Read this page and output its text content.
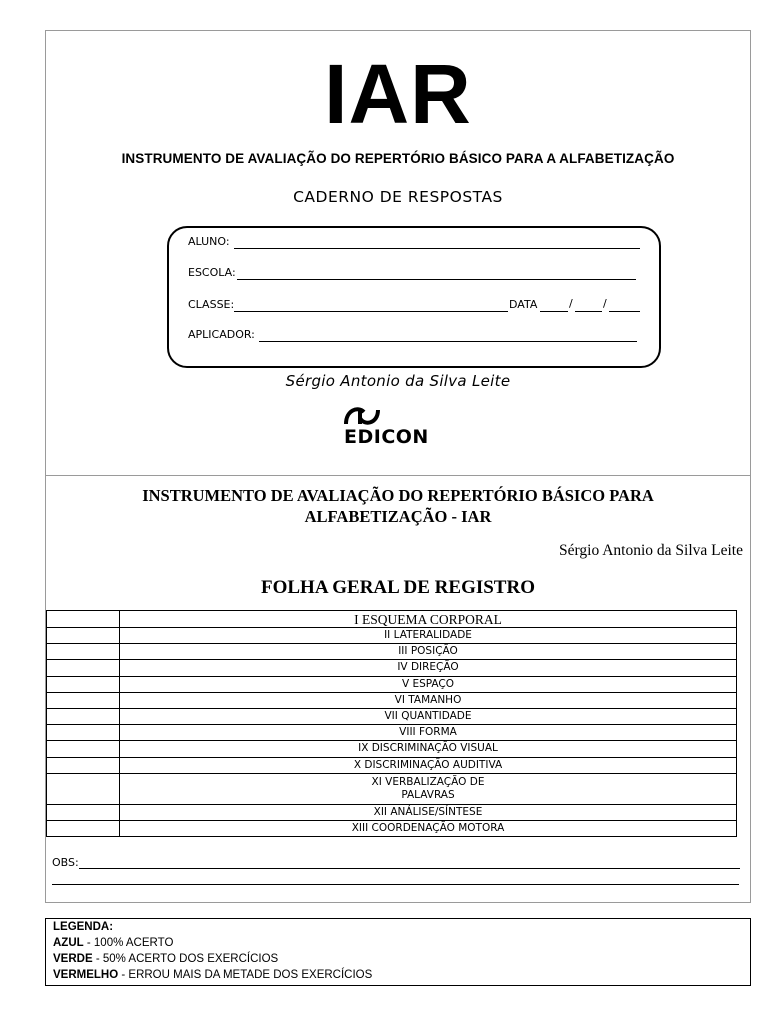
IAR
INSTRUMENTO DE AVALIAÇÃO DO REPERTÓRIO BÁSICO PARA A ALFABETIZAÇÃO
CADERNO DE RESPOSTAS
ALUNO:
ESCOLA:
CLASSE:	DATA	/	/
APLICADOR:
Sérgio Antonio da Silva Leite
EDICON
INSTRUMENTO DE AVALIAÇÃO DO REPERTÓRIO BÁSICO PARA
ALFABETIZAÇÃO - IAR
Sérgio Antonio da Silva Leite
FOLHA GERAL DE REGISTRO
	I ESQUEMA CORPORAL
	II LATERALIDADE
	III POSIÇÃO
	IV DIREÇÃO
	V ESPAÇO
	VI TAMANHO
	VII QUANTIDADE
	VIII FORMA
	IX DISCRIMINAÇÃO VISUAL
	X DISCRIMINAÇÃO AUDITIVA
	XI VERBALIZAÇÃO DE
PALAVRAS
	XII ANÁLISE/SÍNTESE
	XIII COORDENAÇÃO MOTORA
OBS:
LEGENDA:
AZUL - 100% ACERTO
VERDE - 50% ACERTO DOS EXERCÍCIOS
VERMELHO - ERROU MAIS DA METADE DOS EXERCÍCIOS
